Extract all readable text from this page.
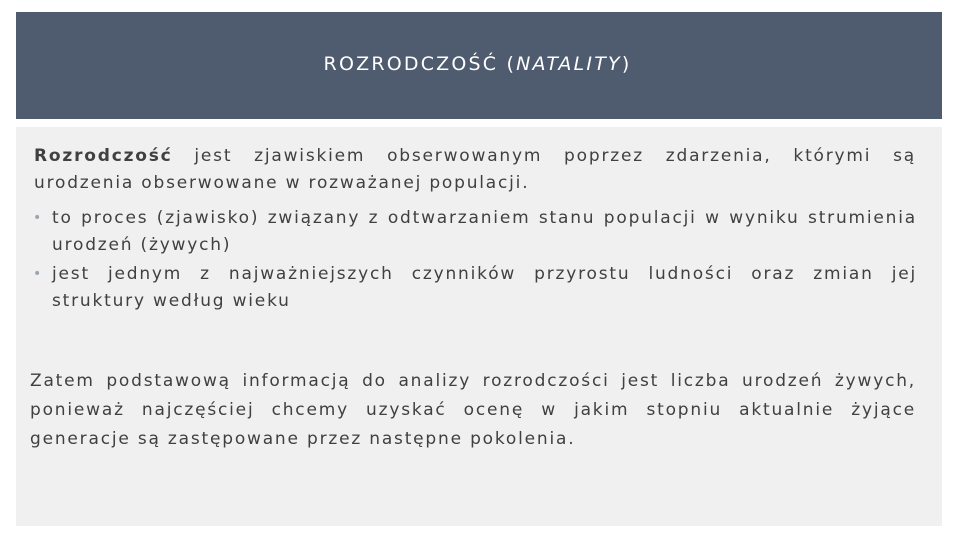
ROZRODCZOŚĆ (NATALITY)

Rozrodczość jest zjawiskiem obserwowanym poprzez zdarzenia, którymi są urodzenia obserwowane w rozważanej populacji.

• to proces (zjawisko) związany z odtwarzaniem stanu populacji w wyniku strumienia urodzeń (żywych)
• jest jednym z najważniejszych czynników przyrostu ludności oraz zmian jej struktury według wieku

Zatem podstawową informacją do analizy rozrodczości jest liczba urodzeń żywych, ponieważ najczęściej chcemy uzyskać ocenę w jakim stopniu aktualnie żyjące generacje są zastępowane przez następne pokolenia.
